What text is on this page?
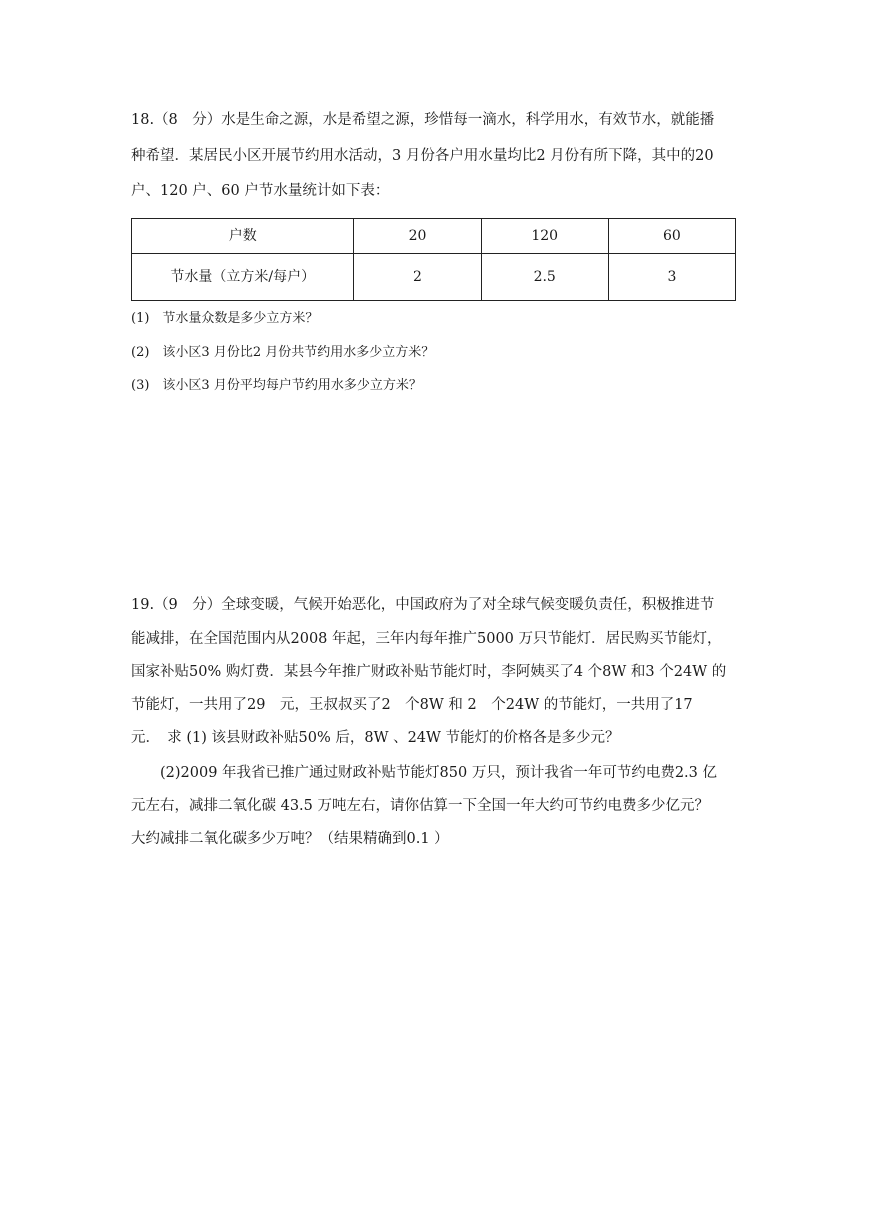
18.（8　分）水是生命之源，水是希望之源，珍惜每一滴水，科学用水，有效节水，就能播
种希望．某居民小区开展节约用水活动，3 月份各户用水量均比2 月份有所下降，其中的20
户、120 户、60 户节水量统计如下表：
户数	20	120	60
节水量（立方米/每户）	2	2.5	3
(1)　节水量众数是多少立方米？
(2)　该小区3 月份比2 月份共节约用水多少立方米？
(3)　该小区3 月份平均每户节约用水多少立方米？
19.（9　分）全球变暖，气候开始恶化，中国政府为了对全球气候变暖负责任，积极推进节
能减排，在全国范围内从2008 年起，三年内每年推广5000 万只节能灯．居民购买节能灯，
国家补贴50% 购灯费．某县今年推广财政补贴节能灯时，李阿姨买了4 个8W 和3 个24W 的
节能灯，一共用了29　元，王叔叔买了2　个8W 和 2　个24W 的节能灯，一共用了17
元．　求 (1) 该县财政补贴50% 后，8W 、24W 节能灯的价格各是多少元？
(2)2009 年我省已推广通过财政补贴节能灯850 万只，预计我省一年可节约电费2.3 亿
元左右，减排二氧化碳 43.5 万吨左右，请你估算一下全国一年大约可节约电费多少亿元？
大约减排二氧化碳多少万吨？（结果精确到0.1 ）
